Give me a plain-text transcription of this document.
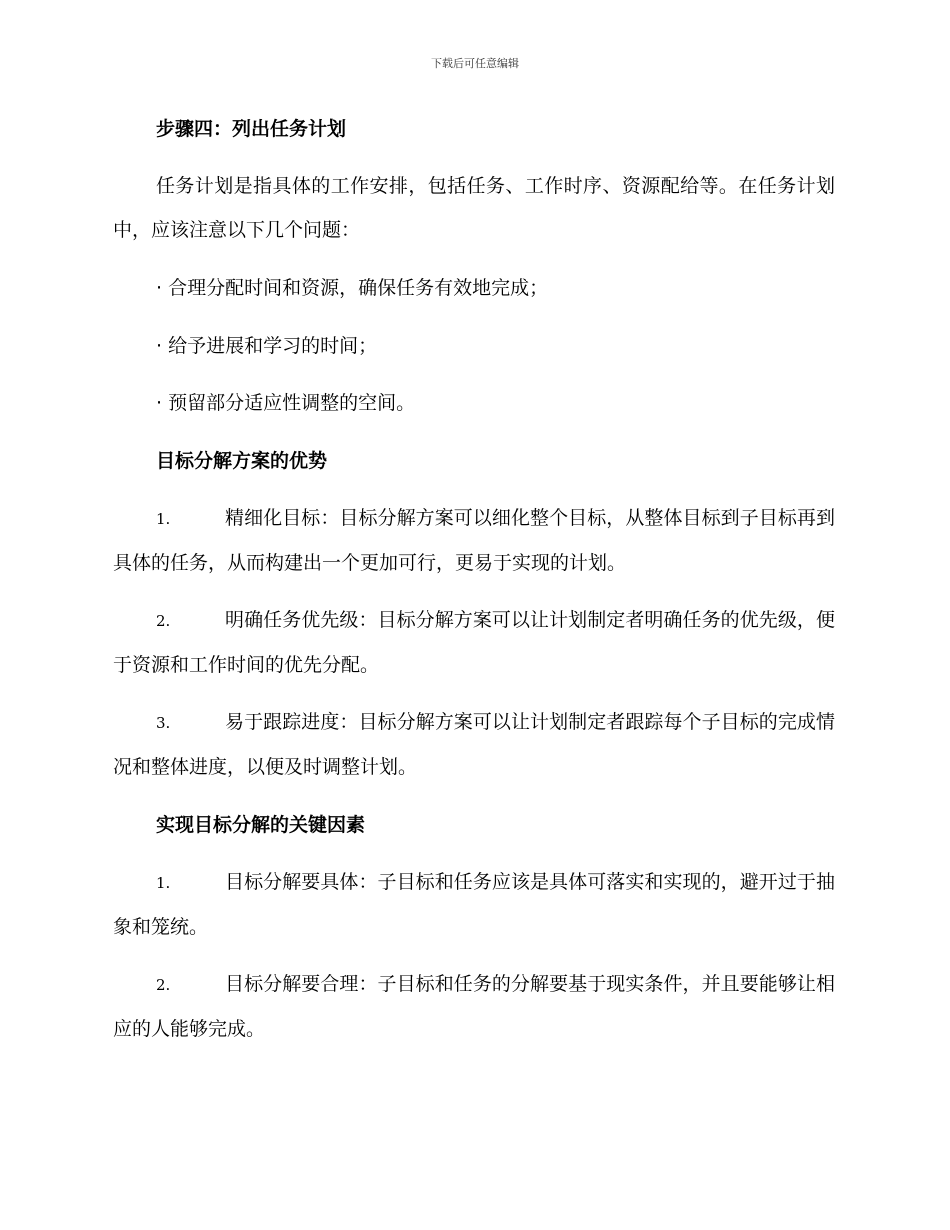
下载后可任意编辑

步骤四：列出任务计划

任务计划是指具体的工作安排，包括任务、工作时序、资源配给等。在任务计划中，应该注意以下几个问题：

· 合理分配时间和资源，确保任务有效地完成；

· 给予进展和学习的时间；

· 预留部分适应性调整的空间。

目标分解方案的优势

1.	精细化目标：目标分解方案可以细化整个目标，从整体目标到子目标再到具体的任务，从而构建出一个更加可行，更易于实现的计划。

2.	明确任务优先级：目标分解方案可以让计划制定者明确任务的优先级，便于资源和工作时间的优先分配。

3.	易于跟踪进度：目标分解方案可以让计划制定者跟踪每个子目标的完成情况和整体进度，以便及时调整计划。

实现目标分解的关键因素

1.	目标分解要具体：子目标和任务应该是具体可落实和实现的，避开过于抽象和笼统。

2.	目标分解要合理：子目标和任务的分解要基于现实条件，并且要能够让相应的人能够完成。
